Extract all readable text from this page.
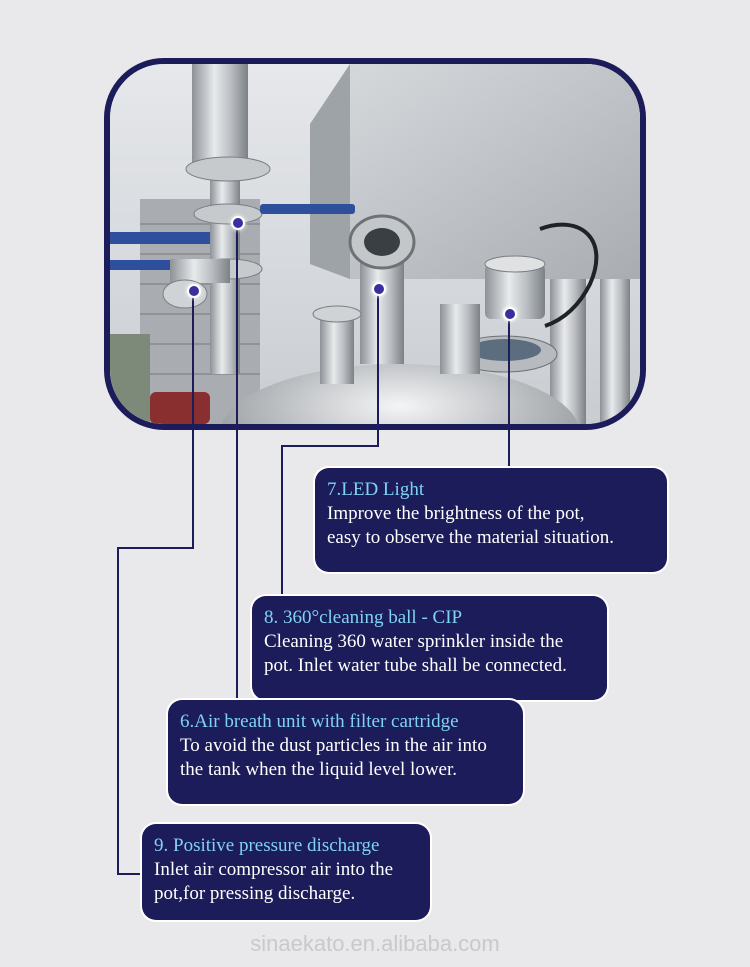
7.LED Light
Improve the brightness of the pot,
easy to observe the material situation.
8. 360°cleaning ball - CIP
Cleaning 360 water sprinkler inside the
pot. Inlet water tube shall be connected.
6.Air breath unit with filter cartridge
To avoid the dust particles in the air into
the tank when the liquid level lower.
9. Positive pressure discharge
Inlet air compressor air into the
pot,for pressing discharge.
sinaekato.en.alibaba.com
